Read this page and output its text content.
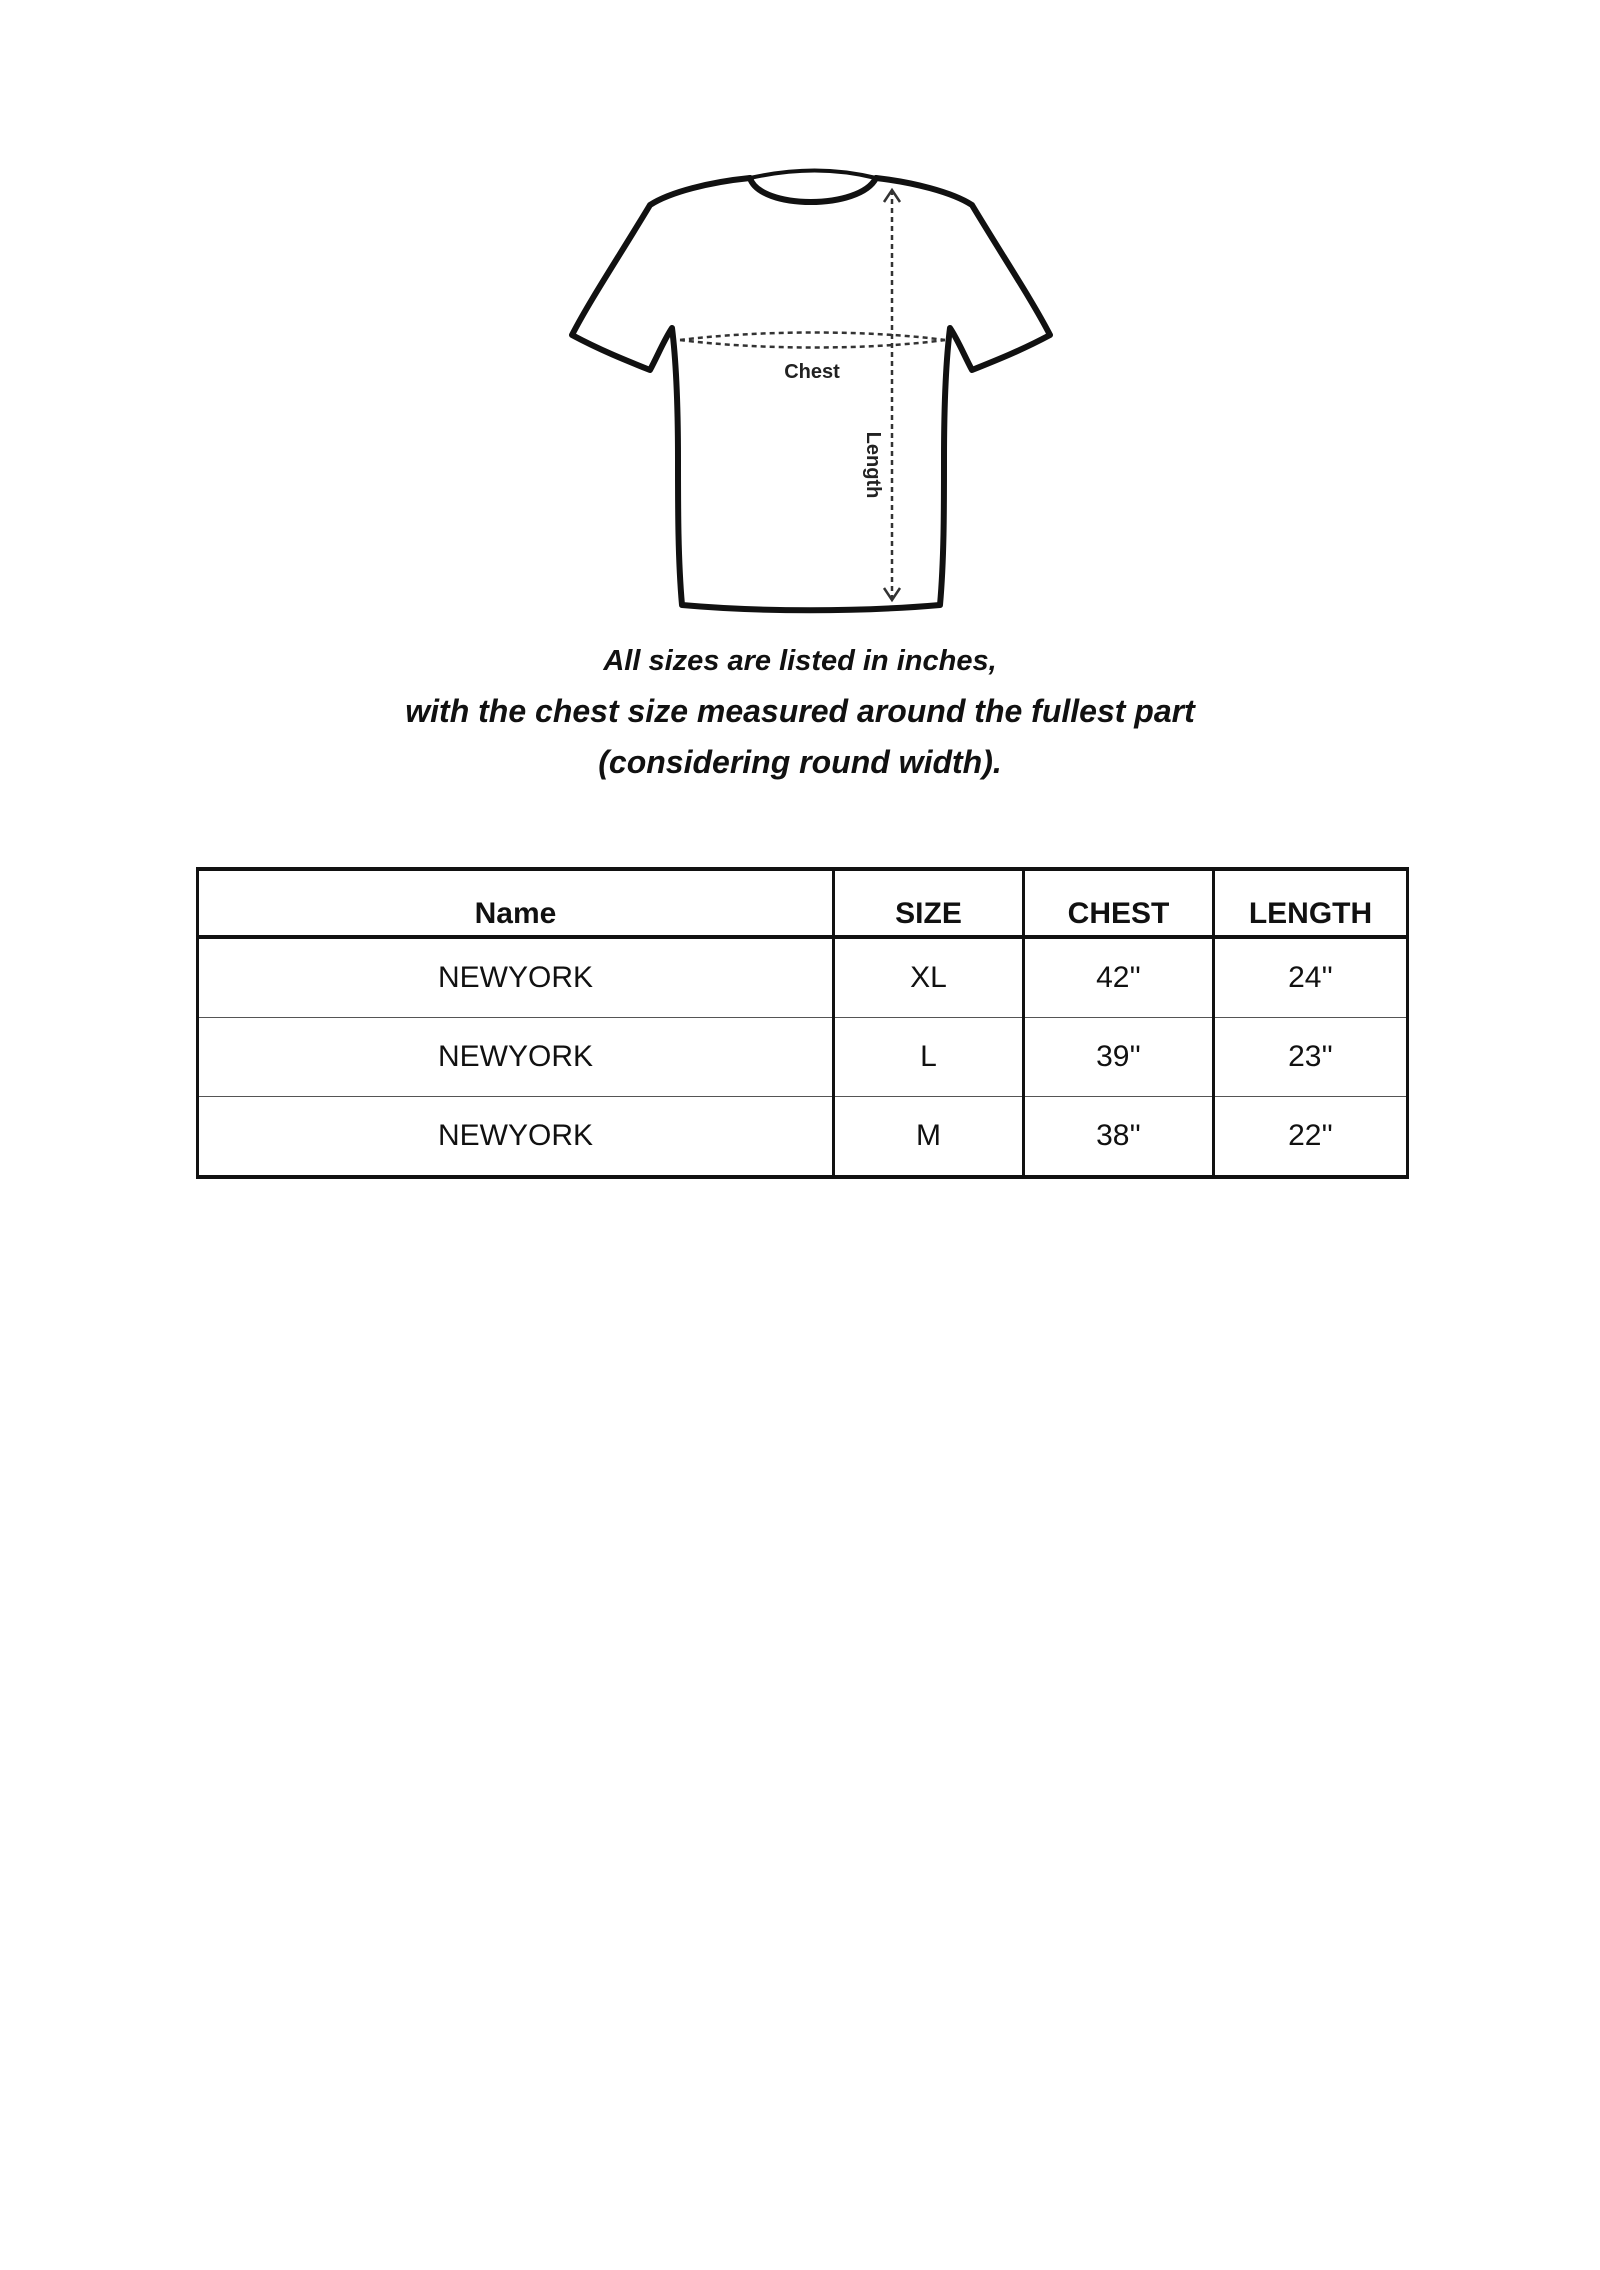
Chest
Length
All sizes are listed in inches,
with the chest size measured around the fullest part
(considering round width).
Name	SIZE	CHEST	LENGTH
NEWYORK	XL	42''	24''
NEWYORK	L	39''	23''
NEWYORK	M	38''	22''
